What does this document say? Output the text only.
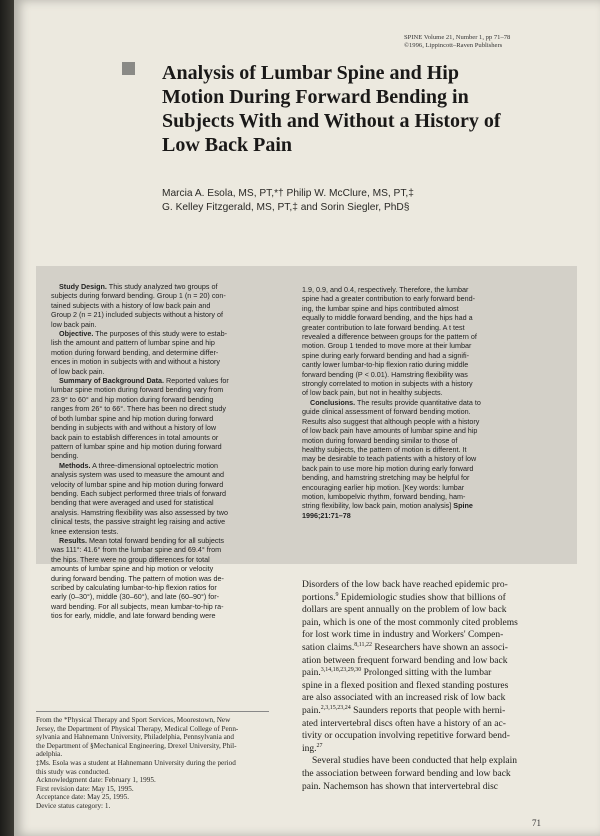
SPINE Volume 21, Number 1, pp 71–78
©1996, Lippincott–Raven Publishers
Analysis of Lumbar Spine and Hip
Motion During Forward Bending in
Subjects With and Without a History of
Low Back Pain
Marcia A. Esola, MS, PT,*† Philip W. McClure, MS, PT,‡
G. Kelley Fitzgerald, MS, PT,‡ and Sorin Siegler, PhD§
Study Design. This study analyzed two groups of
subjects during forward bending. Group 1 (n = 20) con-
tained subjects with a history of low back pain and
Group 2 (n = 21) included subjects without a history of
low back pain.
Objective. The purposes of this study were to estab-
lish the amount and pattern of lumbar spine and hip
motion during forward bending, and determine differ-
ences in motion in subjects with and without a history
of low back pain.
Summary of Background Data. Reported values for
lumbar spine motion during forward bending vary from
23.9° to 60° and hip motion during forward bending
ranges from 26° to 66°. There has been no direct study
of both lumbar spine and hip motion during forward
bending in subjects with and without a history of low
back pain to establish differences in total amounts or
pattern of lumbar spine and hip motion during forward
bending.
Methods. A three-dimensional optoelectric motion
analysis system was used to measure the amount and
velocity of lumbar spine and hip motion during forward
bending. Each subject performed three trials of forward
bending that were averaged and used for statistical
analysis. Hamstring flexibility was also assessed by two
clinical tests, the passive straight leg raising and active
knee extension tests.
Results. Mean total forward bending for all subjects
was 111°: 41.6° from the lumbar spine and 69.4° from
the hips. There were no group differences for total
amounts of lumbar spine and hip motion or velocity
during forward bending. The pattern of motion was de-
scribed by calculating lumbar-to-hip flexion ratios for
early (0–30°), middle (30–60°), and late (60–90°) for-
ward bending. For all subjects, mean lumbar-to-hip ra-
tios for early, middle, and late forward bending were
1.9, 0.9, and 0.4, respectively. Therefore, the lumbar
spine had a greater contribution to early forward bend-
ing, the lumbar spine and hips contributed almost
equally to middle forward bending, and the hips had a
greater contribution to late forward bending. A t test
revealed a difference between groups for the pattern of
motion. Group 1 tended to move more at their lumbar
spine during early forward bending and had a signifi-
cantly lower lumbar-to-hip flexion ratio during middle
forward bending (P < 0.01). Hamstring flexibility was
strongly correlated to motion in subjects with a history
of low back pain, but not in healthy subjects.
Conclusions. The results provide quantitative data to
guide clinical assessment of forward bending motion.
Results also suggest that although people with a history
of low back pain have amounts of lumbar spine and hip
motion during forward bending similar to those of
healthy subjects, the pattern of motion is different. It
may be desirable to teach patients with a history of low
back pain to use more hip motion during early forward
bending, and hamstring stretching may be helpful for
encouraging earlier hip motion. [Key words: lumbar
motion, lumbopelvic rhythm, forward bending, ham-
string flexibility, low back pain, motion analysis] Spine
1996;21:71–78
Disorders of the low back have reached epidemic pro-
portions.$^9$ Epidemiologic studies show that billions of
dollars are spent annually on the problem of low back
pain, which is one of the most commonly cited problems
for lost work time in industry and Workers' Compen-
sation claims.$^{8,11,22}$ Researchers have shown an associ-
ation between frequent forward bending and low back
pain.$^{3,14,18,23,29,30}$ Prolonged sitting with the lumbar
spine in a flexed position and flexed standing postures
are also associated with an increased risk of low back
pain.$^{2,3,15,23,24}$ Saunders reports that people with herni-
ated intervertebral discs often have a history of an ac-
tivity or occupation involving repetitive forward bend-
ing.$^{27}$
Several studies have been conducted that help explain
the association between forward bending and low back
pain. Nachemson has shown that intervertebral disc
From the *Physical Therapy and Sport Services, Moorestown, New
Jersey, the Department of Physical Therapy, Medical College of Penn-
sylvania and Hahnemann University, Philadelphia, Pennsylvania and
the Department of §Mechanical Engineering, Drexel University, Phil-
adelphia.
‡Ms. Esola was a student at Hahnemann University during the period
this study was conducted.
Acknowledgment date: February 1, 1995.
First revision date: May 15, 1995.
Acceptance date: May 25, 1995.
Device status category: 1.
71
